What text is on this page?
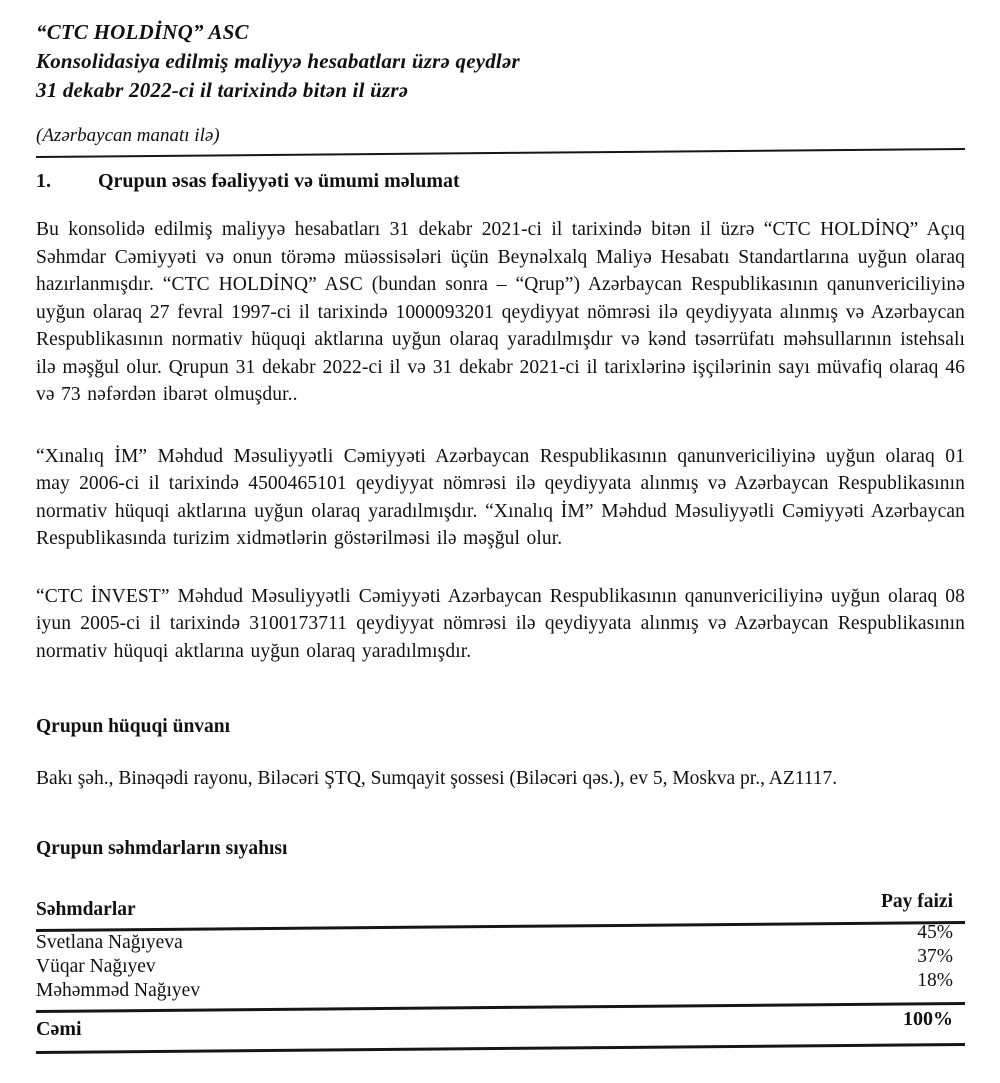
“CTC HOLDİNQ” ASC
Konsolidasiya edilmiş maliyyə hesabatları üzrə qeydlər
31 dekabr 2022-ci il tarixində bitən il üzrə
(Azərbaycan manatı ilə)
1.	Qrupun əsas fəaliyyəti və ümumi məlumat

Bu konsolidə edilmiş maliyyə hesabatları 31 dekabr 2021-ci il tarixində bitən il üzrə “CTC HOLDİNQ” Açıq Səhmdar Cəmiyyəti və onun törəmə müəssisələri üçün Beynəlxalq Maliyə Hesabatı Standartlarına uyğun olaraq hazırlanmışdır. “CTC HOLDİNQ” ASC (bundan sonra – “Qrup”) Azərbaycan Respublikasının qanunvericiliyinə uyğun olaraq 27 fevral 1997-ci il tarixində 1000093201 qeydiyyat nömrəsi ilə qeydiyyata alınmış və Azərbaycan Respublikasının normativ hüquqi aktlarına uyğun olaraq yaradılmışdır və kənd təsərrüfatı məhsullarının istehsalı ilə məşğul olur. Qrupun 31 dekabr 2022-ci il və 31 dekabr 2021-ci il tarixlərinə işçilərinin sayı müvafiq olaraq 46 və 73 nəfərdən ibarət olmuşdur..

“Xınalıq İM” Məhdud Məsuliyyətli Cəmiyyəti Azərbaycan Respublikasının qanunvericiliyinə uyğun olaraq 01 may 2006-ci il tarixində 4500465101 qeydiyyat nömrəsi ilə qeydiyyata alınmış və Azərbaycan Respublikasının normativ hüquqi aktlarına uyğun olaraq yaradılmışdır. “Xınalıq İM” Məhdud Məsuliyyətli Cəmiyyəti Azərbaycan Respublikasında turizim xidmətlərin göstərilməsi ilə məşğul olur.

“CTC İNVEST” Məhdud Məsuliyyətli Cəmiyyəti Azərbaycan Respublikasının qanunvericiliyinə uyğun olaraq 08 iyun 2005-ci il tarixində 3100173711 qeydiyyat nömrəsi ilə qeydiyyata alınmış və Azərbaycan Respublikasının normativ hüquqi aktlarına uyğun olaraq yaradılmışdır.

Qrupun hüquqi ünvanı
Bakı şəh., Binəqədi rayonu, Biləcəri ŞTQ, Sumqayit şossesi (Biləcəri qəs.), ev 5, Moskva pr., AZ1117.
Qrupun səhmdarların sıyahısı
Səhmdarlar	Pay faizi
Svetlana Nağıyeva	45%
Vüqar Nağıyev	37%
Məhəmməd Nağıyev	18%
Cəmi	100%
